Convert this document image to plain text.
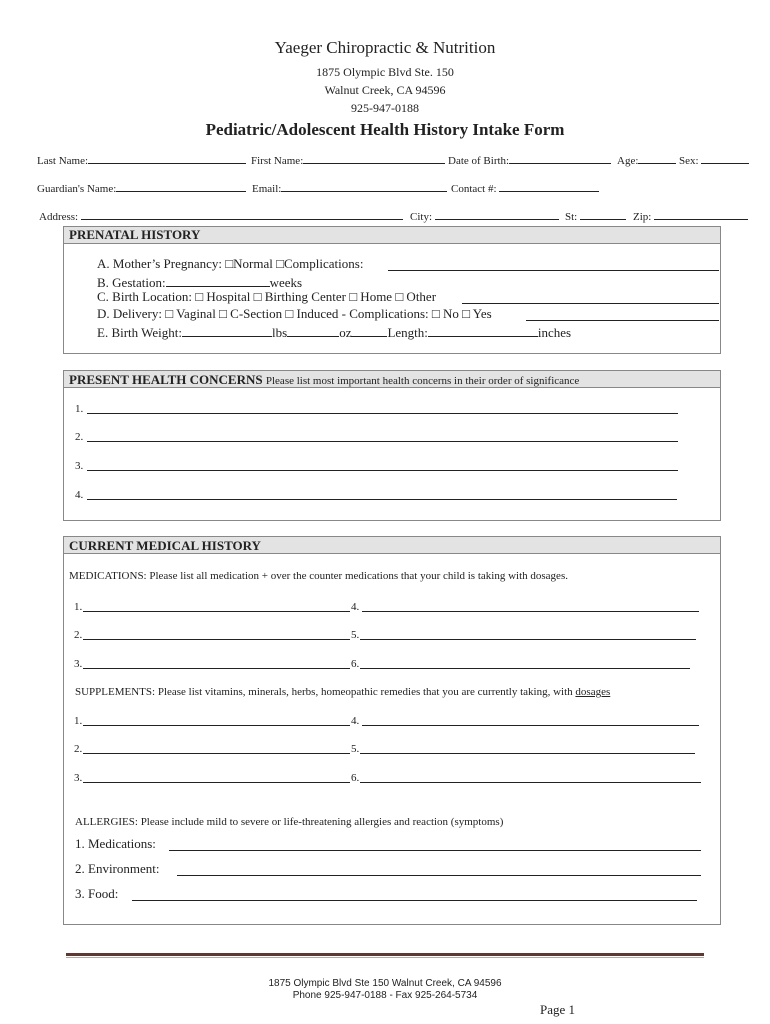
Yaeger Chiropractic & Nutrition
1875 Olympic Blvd Ste. 150
Walnut Creek, CA 94596
925-947-0188
Pediatric/Adolescent Health History Intake Form
Last Name:	First Name:	Date of Birth:	Age:	Sex:
Guardian's Name:	Email:	Contact #:
Address:	City:	St:	Zip:
PRENATAL HISTORY
A. Mother’s Pregnancy: □Normal □Complications:
B. Gestation:	weeks
C. Birth Location: □ Hospital □ Birthing Center □ Home □ Other
D. Delivery: □ Vaginal □ C-Section □ Induced - Complications: □ No □ Yes
E. Birth Weight:	lbs	oz	Length:	inches
PRESENT HEALTH CONCERNS Please list most important health concerns in their order of significance
1.
2.
3.
4.
CURRENT MEDICAL HISTORY
MEDICATIONS: Please list all medication + over the counter medications that your child is taking with dosages.
1.	4.
2.	5.
3.	6.
SUPPLEMENTS: Please list vitamins, minerals, herbs, homeopathic remedies that you are currently taking, with dosages
1.	4.
2.	5.
3.	6.
ALLERGIES: Please include mild to severe or life-threatening allergies and reaction (symptoms)
1. Medications:
2. Environment:
3. Food:
1875 Olympic Blvd Ste 150 Walnut Creek, CA 94596
Phone 925-947-0188 - Fax 925-264-5734
Page 1
